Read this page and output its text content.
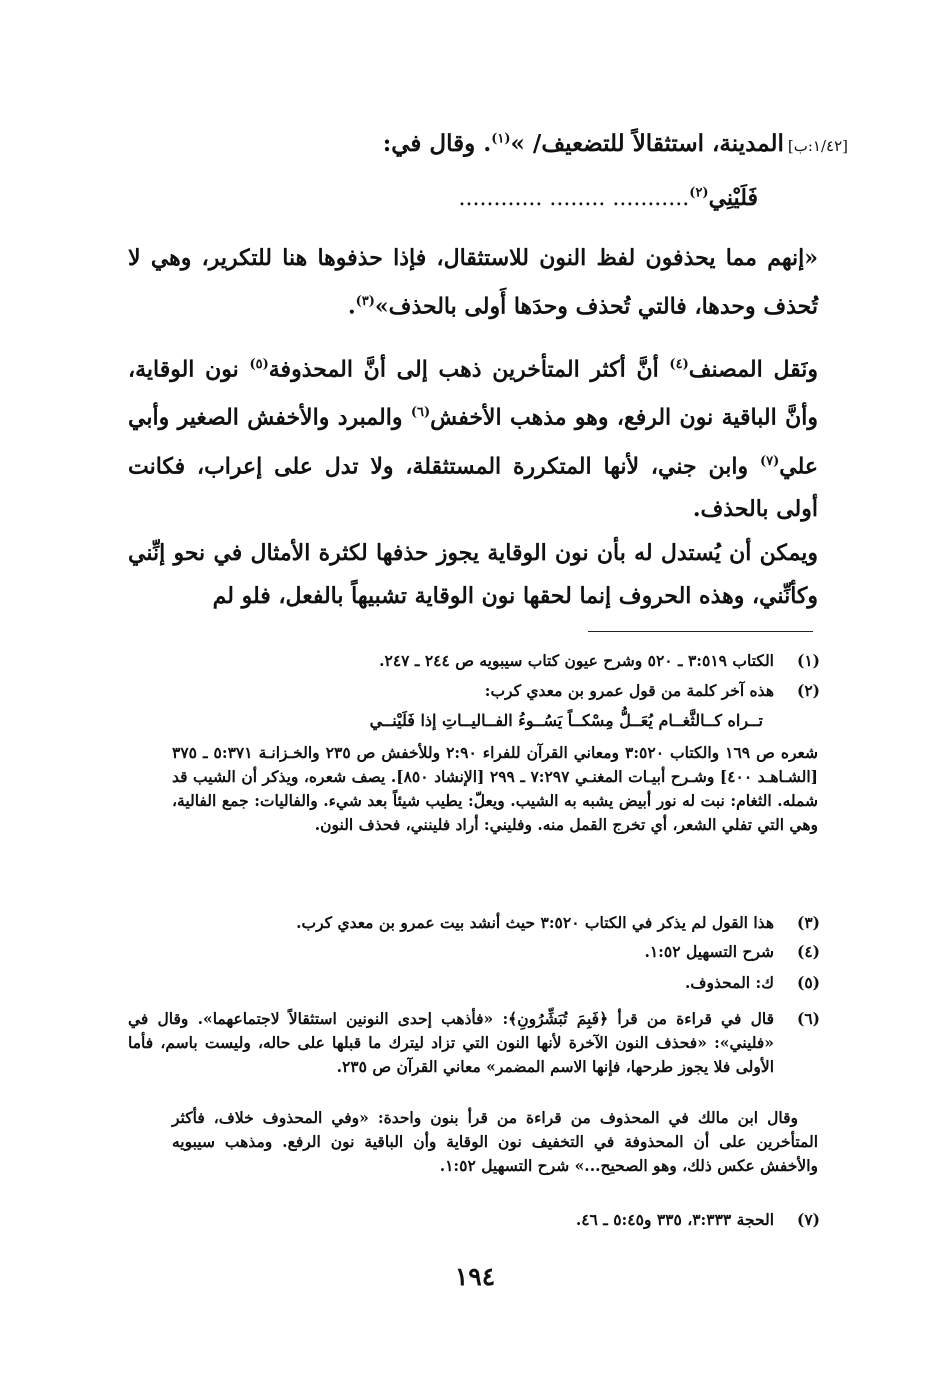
[١/٤٢:ب]المدينة، استثقالاً للتضعيف/ »$^{(١)}$. وقال في:
فَلَيْنِي$^{(٢)}$........... ........ ............
«إنهم مما يحذفون لفظ النون للاستثقال، فإذا حذفوها هنا للتكرير، وهي لا تُحذف وحدها، فالتي تُحذف وحدَها أَولى بالحذف»$^{(٣)}$.
ونَقل المصنف$^{(٤)}$ أنَّ أكثر المتأخرين ذهب إلى أنَّ المحذوفة$^{(٥)}$ نون الوقاية، وأنَّ الباقية نون الرفع، وهو مذهب الأخفش$^{(٦)}$ والمبرد والأخفش الصغير وأبي علي$^{(٧)}$ وابن جني، لأنها المتكررة المستثقلة، ولا تدل على إعراب، فكانت أولى بالحذف.
ويمكن أن يُستدل له بأن نون الوقاية يجوز حذفها لكثرة الأمثال في نحو إنِّني وكأنِّني، وهذه الحروف إنما لحقها نون الوقاية تشبيهاً بالفعل، فلو لم
(١)
الكتاب ٣:٥١٩ ـ ٥٢٠ وشرح عيون كتاب سيبويه ص ٢٤٤ ـ ٢٤٧.
(٢)
هذه آخر كلمة من قول عمرو بن معدي كرب:
تــراه كــالثَّغــام يُعَــلُّ مِسْكــاً يَسُــوءُ الفــاليــاتِ إذا فَلَيْنــي
شعره ص ١٦٩ والكتاب ٣:٥٢٠ ومعاني القرآن للفراء ٢:٩٠ وللأخفش ص ٢٣٥ والخـزانـة ٥:٣٧١ ـ ٣٧٥ [الشـاهـد ٤٠٠] وشـرح أبيـات المغنـي ٧:٢٩٧ ـ ٢٩٩ [الإنشاد ٨٥٠]. يصف شعره، ويذكر أن الشيب قد شمله. الثغام: نبت له نور أبيض يشبه به الشيب. ويعلّ: يطيب شيئاً بعد شيء. والفاليات: جمع الفالية، وهي التي تفلي الشعر، أي تخرج القمل منه. وفليني: أراد فلينني، فحذف النون.
(٣)
هذا القول لم يذكر في الكتاب ٣:٥٢٠ حيث أنشد بيت عمرو بن معدي كرب.
(٤)
شرح التسهيل ١:٥٢.
(٥)
ك: المحذوف.
(٦)
قال في قراءة من قرأ ﴿فَبِمَ تُبَشِّرُونِ﴾: «فأذهب إحدى النونين استثقالاً لاجتماعهما». وقال في «فليني»: «فحذف النون الآخرة لأنها النون التي تزاد ليترك ما قبلها على حاله، وليست باسم، فأما الأولى فلا يجوز طرحها، فإنها الاسم المضمر» معاني القرآن ص ٢٣٥.
وقال ابن مالك في المحذوف من قراءة من قرأ بنون واحدة: «وفي المحذوف خلاف، فأكثر المتأخرين على أن المحذوفة في التخفيف نون الوقاية وأن الباقية نون الرفع. ومذهب سيبويه والأخفش عكس ذلك، وهو الصحيح...» شرح التسهيل ١:٥٢.
(٧)
الحجة ٣:٣٣٣، ٣٣٥ و٥:٤٥ ـ ٤٦.
١٩٤
